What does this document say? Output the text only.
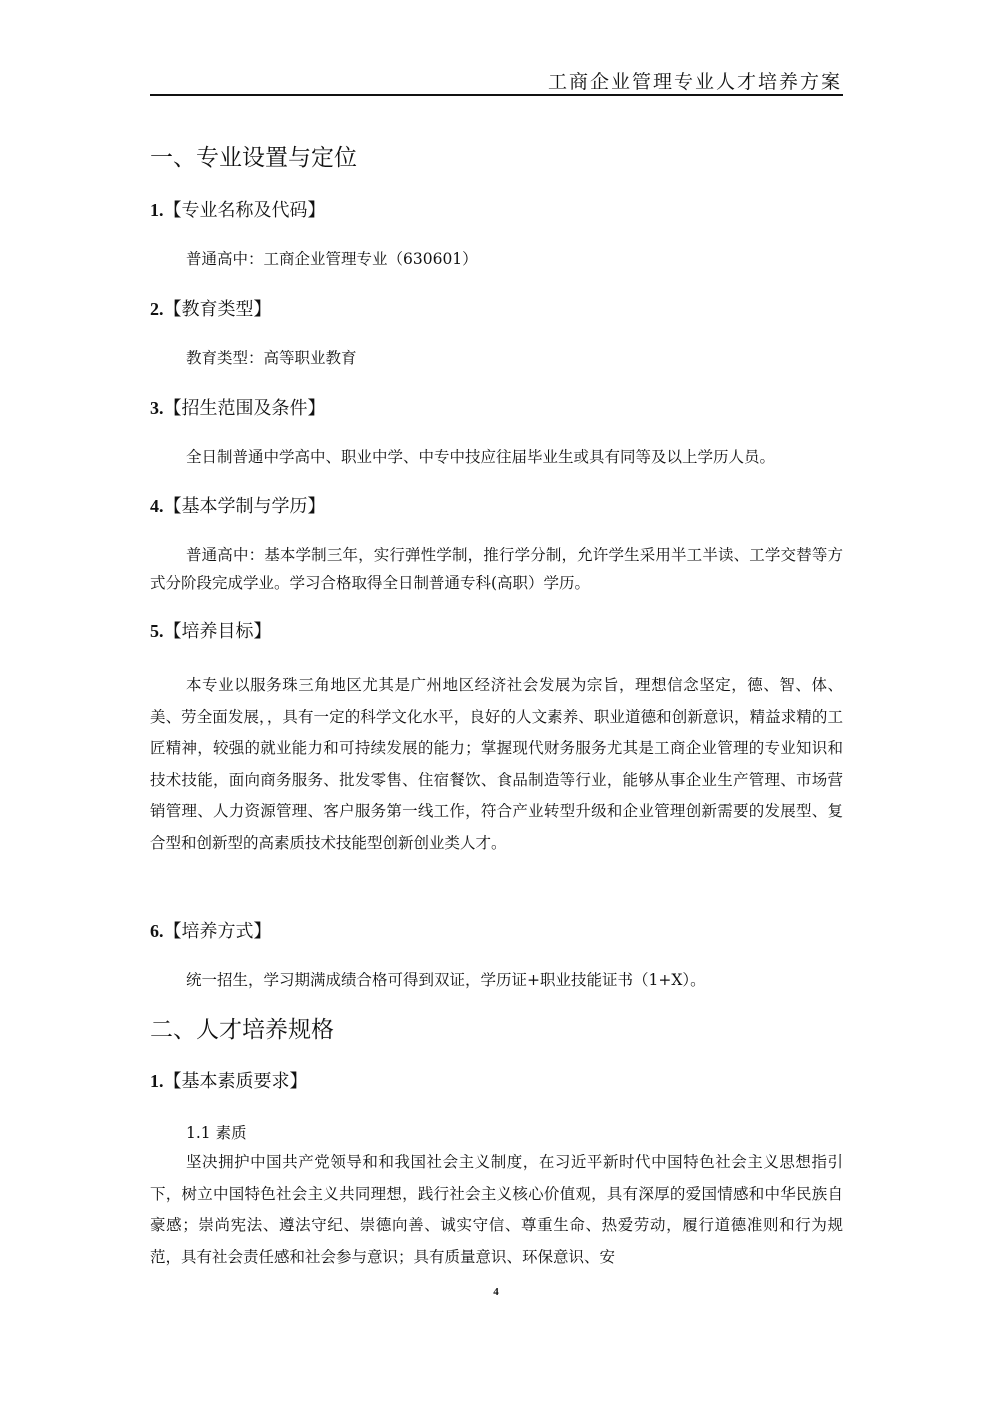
工商企业管理专业人才培养方案
一、专业设置与定位
1.【专业名称及代码】
普通高中：工商企业管理专业（630601）
2.【教育类型】
教育类型：高等职业教育
3.【招生范围及条件】
全日制普通中学高中、职业中学、中专中技应往届毕业生或具有同等及以上学历人员。
4.【基本学制与学历】

普通高中：基本学制三年，实行弹性学制，推行学分制，允许学生采用半工半读、工学交替等方式分阶段完成学业。学习合格取得全日制普通专科(高职）学历。

5.【培养目标】

本专业以服务珠三角地区尤其是广州地区经济社会发展为宗旨，理想信念坚定，德、智、体、美、劳全面发展，，具有一定的科学文化水平，良好的人文素养、职业道德和创新意识，精益求精的工匠精神，较强的就业能力和可持续发展的能力；掌握现代财务服务尤其是工商企业管理的专业知识和技术技能，面向商务服务、批发零售、住宿餐饮、食品制造等行业，能够从事企业生产管理、市场营销管理、人力资源管理、客户服务第一线工作，符合产业转型升级和企业管理创新需要的发展型、复合型和创新型的高素质技术技能型创新创业类人才。

6.【培养方式】
统一招生，学习期满成绩合格可得到双证，学历证+职业技能证书（1+X）。
二、人才培养规格
1.【基本素质要求】
1.1 素质

坚决拥护中国共产党领导和和我国社会主义制度，在习近平新时代中国特色社会主义思想指引下，树立中国特色社会主义共同理想，践行社会主义核心价值观，具有深厚的爱国情感和中华民族自豪感；崇尚宪法、遵法守纪、崇德向善、诚实守信、尊重生命、热爱劳动，履行道德准则和行为规范，具有社会责任感和社会参与意识；具有质量意识、环保意识、安

4
